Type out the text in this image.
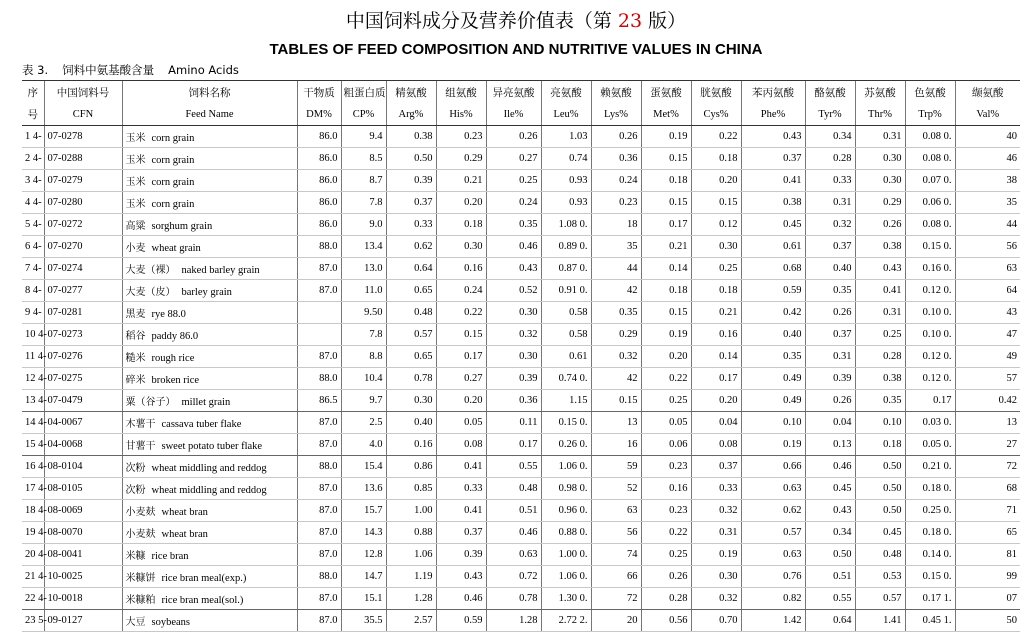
中国饲料成分及营养价值表（第 23 版）
TABLES OF FEED COMPOSITION AND NUTRITIVE VALUES IN CHINA
表 3. 饲料中氨基酸含量 Amino Acids
序	中国饲料号	饲料名称	干物质	粗蛋白质	精氨酸	组氨酸	异亮氨酸	亮氨酸	赖氨酸	蛋氨酸	胱氨酸	苯丙氨酸	酪氨酸	苏氨酸	色氨酸	缬氨酸
号	CFN	Feed Name	DM%	CP%	Arg%	His%	Ile%	Leu%	Lys%	Met%	Cys%	Phe%	Tyr%	Thr%	Trp%	Val%
1 4-	07-0278	玉米 corn grain	86.0	9.4	0.38	0.23	0.26	1.03	0.26	0.19	0.22	0.43	0.34	0.31	0.08 0.	40
2 4-	07-0288	玉米 corn grain	86.0	8.5	0.50	0.29	0.27	0.74	0.36	0.15	0.18	0.37	0.28	0.30	0.08 0.	46
3 4-	07-0279	玉米 corn grain	86.0	8.7	0.39	0.21	0.25	0.93	0.24	0.18	0.20	0.41	0.33	0.30	0.07 0.	38
4 4-	07-0280	玉米 corn grain	86.0	7.8	0.37	0.20	0.24	0.93	0.23	0.15	0.15	0.38	0.31	0.29	0.06 0.	35
5 4-	07-0272	高粱 sorghum grain	86.0	9.0	0.33	0.18	0.35	1.08 0.	18	0.17	0.12	0.45	0.32	0.26	0.08 0.	44
6 4-	07-0270	小麦 wheat grain	88.0	13.4	0.62	0.30	0.46	0.89 0.	35	0.21	0.30	0.61	0.37	0.38	0.15 0.	56
7 4-	07-0274	大麦（裸） naked barley grain	87.0	13.0	0.64	0.16	0.43	0.87 0.	44	0.14	0.25	0.68	0.40	0.43	0.16 0.	63
8 4-	07-0277	大麦（皮） barley grain	87.0	11.0	0.65	0.24	0.52	0.91 0.	42	0.18	0.18	0.59	0.35	0.41	0.12 0.	64
9 4-	07-0281	黑麦 rye 88.0		9.50	0.48	0.22	0.30	0.58	0.35	0.15	0.21	0.42	0.26	0.31	0.10 0.	43
10 4-	07-0273	稻谷 paddy 86.0		7.8	0.57	0.15	0.32	0.58	0.29	0.19	0.16	0.40	0.37	0.25	0.10 0.	47
11 4-	07-0276	糙米 rough rice	87.0	8.8	0.65	0.17	0.30	0.61	0.32	0.20	0.14	0.35	0.31	0.28	0.12 0.	49
12 4-	07-0275	碎米 broken rice	88.0	10.4	0.78	0.27	0.39	0.74 0.	42	0.22	0.17	0.49	0.39	0.38	0.12 0.	57
13 4-	07-0479	粟（谷子） millet grain	86.5	9.7	0.30	0.20	0.36	1.15	0.15	0.25	0.20	0.49	0.26	0.35	0.17	0.42
14 4-	04-0067	木薯干 cassava tuber flake	87.0	2.5	0.40	0.05	0.11	0.15 0.	13	0.05	0.04	0.10	0.04	0.10	0.03 0.	13
15 4-	04-0068	甘薯干 sweet potato tuber flake	87.0	4.0	0.16	0.08	0.17	0.26 0.	16	0.06	0.08	0.19	0.13	0.18	0.05 0.	27
16 4-	08-0104	次粉 wheat middling and reddog	88.0	15.4	0.86	0.41	0.55	1.06 0.	59	0.23	0.37	0.66	0.46	0.50	0.21 0.	72
17 4-	08-0105	次粉 wheat middling and reddog	87.0	13.6	0.85	0.33	0.48	0.98 0.	52	0.16	0.33	0.63	0.45	0.50	0.18 0.	68
18 4-	08-0069	小麦麸 wheat bran	87.0	15.7	1.00	0.41	0.51	0.96 0.	63	0.23	0.32	0.62	0.43	0.50	0.25 0.	71
19 4-	08-0070	小麦麸 wheat bran	87.0	14.3	0.88	0.37	0.46	0.88 0.	56	0.22	0.31	0.57	0.34	0.45	0.18 0.	65
20 4-	08-0041	米糠 rice bran	87.0	12.8	1.06	0.39	0.63	1.00 0.	74	0.25	0.19	0.63	0.50	0.48	0.14 0.	81
21 4-	10-0025	米糠饼 rice bran meal(exp.)	88.0	14.7	1.19	0.43	0.72	1.06 0.	66	0.26	0.30	0.76	0.51	0.53	0.15 0.	99
22 4-	10-0018	米糠粕 rice bran meal(sol.)	87.0	15.1	1.28	0.46	0.78	1.30 0.	72	0.28	0.32	0.82	0.55	0.57	0.17 1.	07
23 5-	09-0127	大豆 soybeans	87.0	35.5	2.57	0.59	1.28	2.72 2.	20	0.56	0.70	1.42	0.64	1.41	0.45 1.	50
